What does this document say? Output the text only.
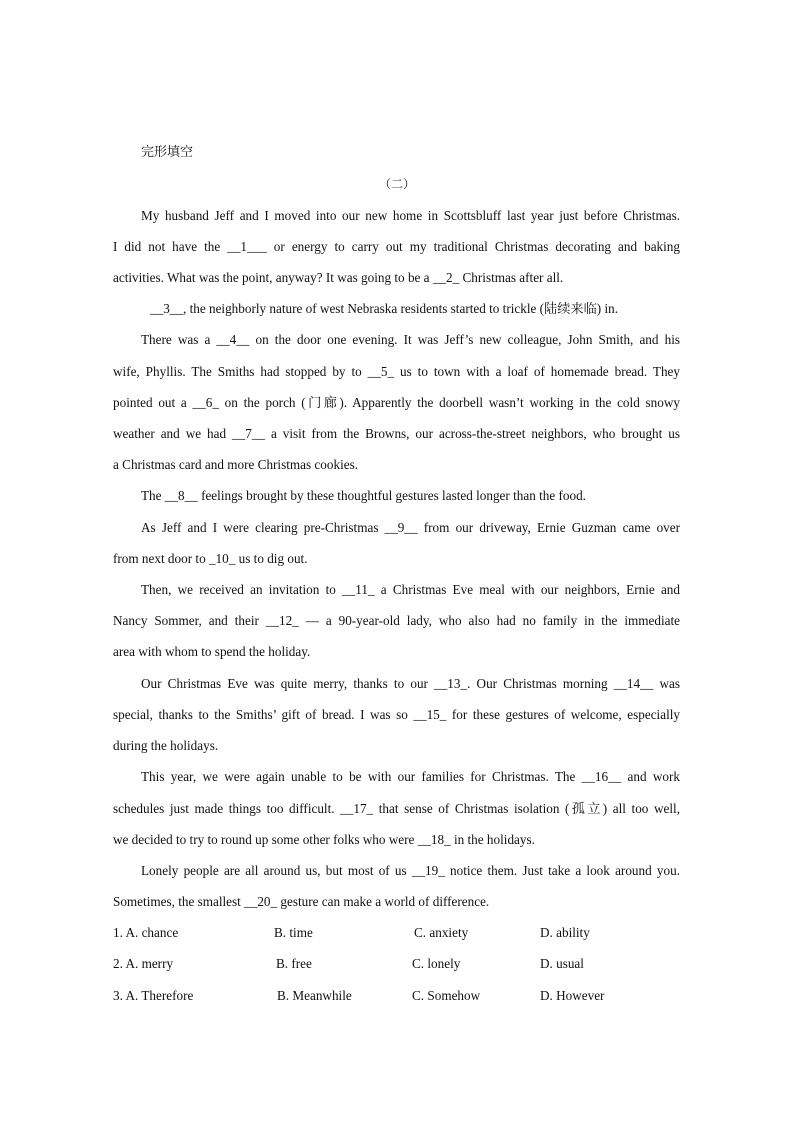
完形填空
（二）
My husband Jeff and I moved into our new home in Scottsbluff last year just before Christmas.
I did not have the __1___ or energy to carry out my traditional Christmas decorating and baking
activities. What was the point, anyway? It was going to be a __2_ Christmas after all.
__3__, the neighborly nature of west Nebraska residents started to trickle (陆续来临) in.
There was a __4__ on the door one evening. It was Jeff’s new colleague, John Smith, and his
wife, Phyllis. The Smiths had stopped by to __5_ us to town with a loaf of homemade bread. They
pointed out a __6_ on the porch (门廊). Apparently the doorbell wasn’t working in the cold snowy
weather and we had __7__ a visit from the Browns, our across-the-street neighbors, who brought us
a Christmas card and more Christmas cookies.
The __8__ feelings brought by these thoughtful gestures lasted longer than the food.
As Jeff and I were clearing pre-Christmas __9__ from our driveway, Ernie Guzman came over
from next door to _10_ us to dig out.
Then, we received an invitation to __11_ a Christmas Eve meal with our neighbors, Ernie and
Nancy Sommer, and their __12_ — a 90-year-old lady, who also had no family in the immediate
area with whom to spend the holiday.
Our Christmas Eve was quite merry, thanks to our __13_. Our Christmas morning __14__ was
special, thanks to the Smiths’ gift of bread. I was so __15_ for these gestures of welcome, especially
during the holidays.
This year, we were again unable to be with our families for Christmas. The __16__ and work
schedules just made things too difficult. __17_ that sense of Christmas isolation (孤立) all too well,
we decided to try to round up some other folks who were __18_ in the holidays.
Lonely people are all around us, but most of us __19_ notice them. Just take a look around you.
Sometimes, the smallest __20_ gesture can make a world of difference.
1. A. chance	B. time	C. anxiety	D. ability
2. A. merry	B. free	C. lonely	D. usual
3. A. Therefore	B. Meanwhile	C. Somehow	D. However
